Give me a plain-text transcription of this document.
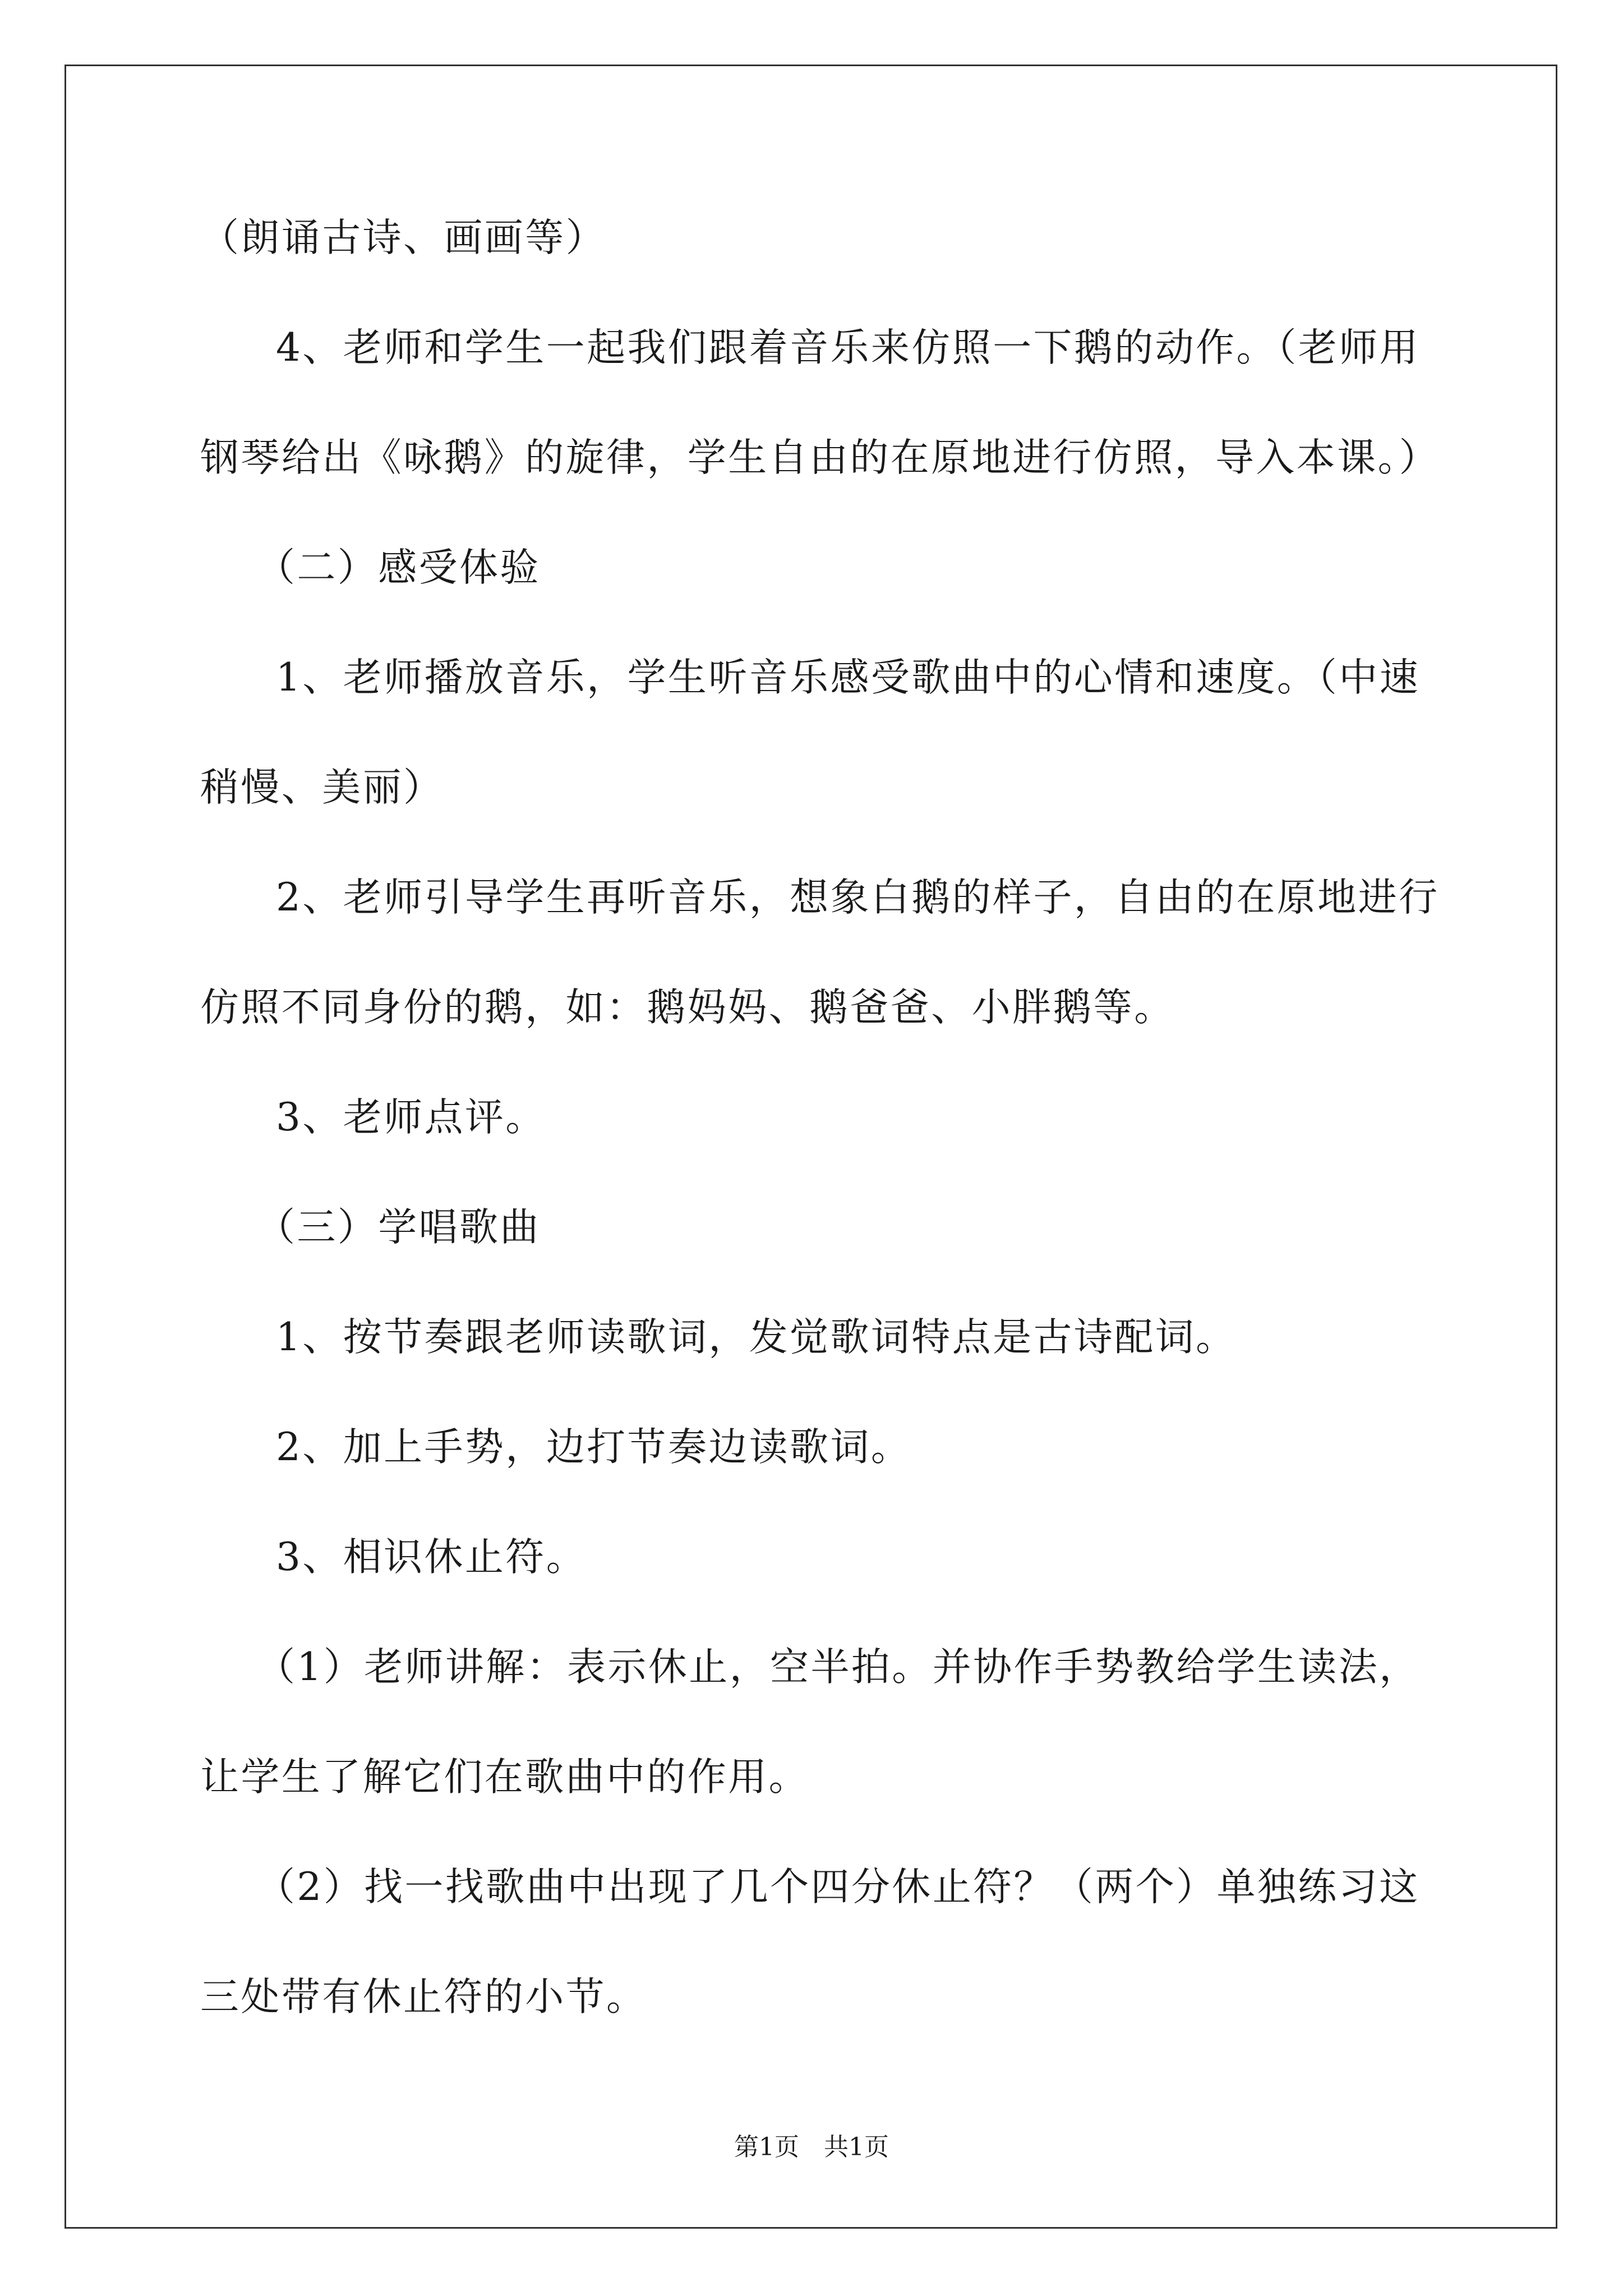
（朗诵古诗、画画等）
4、老师和学生一起我们跟着音乐来仿照一下鹅的动作。（老师用
钢琴给出《咏鹅》的旋律，学生自由的在原地进行仿照，导入本课。）
（二）感受体验
1、老师播放音乐，学生听音乐感受歌曲中的心情和速度。（中速
稍慢、美丽）
2、老师引导学生再听音乐，想象白鹅的样子，自由的在原地进行
仿照不同身份的鹅，如：鹅妈妈、鹅爸爸、小胖鹅等。
3、老师点评。
（三）学唱歌曲
1、按节奏跟老师读歌词，发觉歌词特点是古诗配词。
2、加上手势，边打节奏边读歌词。
3、相识休止符。
（1）老师讲解：表示休止，空半拍。并协作手势教给学生读法，
让学生了解它们在歌曲中的作用。
（2）找一找歌曲中出现了几个四分休止符？（两个）单独练习这
三处带有休止符的小节。
第1页　共1页
